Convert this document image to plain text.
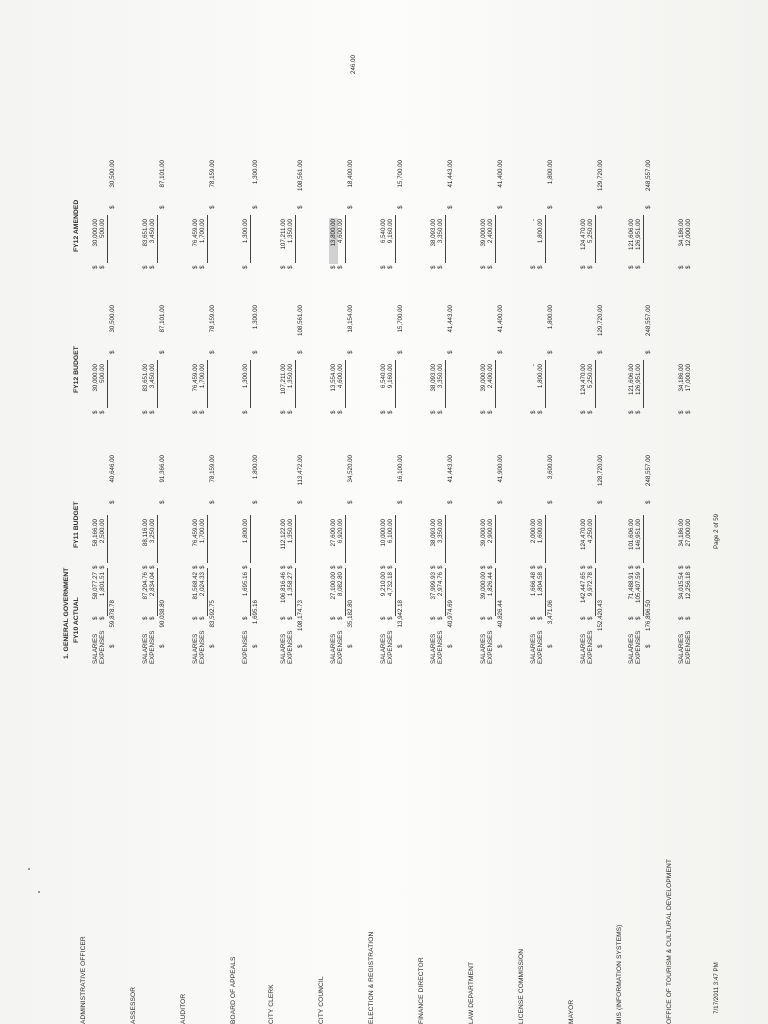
1. GENERAL GOVERNMENT FY10 ACTUAL
FY11 BUDGET
FY12 BUDGET
FY12 AMENDED
246.00
7/17/2011 3:47 PM
Page 2 of 59
ADMINISTRATIVE OFFICER
SALARIES
$
58,077.27
$
58,166.00
$
30,000.00
$
30,000.00
EXPENSES
$
1,801.51
$
2,500.00
$
500.00
$
500.00
$
59,878.78
$
40,646.00
$
30,500.00
$
30,500.00
ASSESSOR
SALARIES
$
87,204.76
$
88,116.00
$
83,651.00
$
83,651.00
EXPENSES
$
2,834.04
$
3,250.00
$
3,450.00
$
3,450.00
$
90,038.80
$
91,366.00
$
87,101.00
$
87,101.00
AUDITOR
SALARIES
$
81,568.42
$
76,459.00
$
76,459.00
$
76,459.00
EXPENSES
$
2,024.33
$
1,700.00
$
1,700.00
$
1,700.00
$
83,592.75
$
78,159.00
$
78,159.00
$
78,159.00
BOARD OF APPEALS
EXPENSES
$
1,695.16
$
1,800.00
$
1,300.00
$
1,300.00
$
1,695.16
$
1,800.00
$
1,300.00
$
1,300.00
CITY CLERK
SALARIES
$
106,816.46
$
112,122.00
$
107,211.00
$
107,211.00
EXPENSES
$
1,358.27
$
1,350.00
$
1,350.00
$
1,350.00
$
108,174.73
$
113,472.00
$
108,561.00
$
108,561.00
CITY COUNCIL
SALARIES
$
27,100.00
$
27,600.00
$
13,554.00
$
13,800.00
EXPENSES
$
8,082.80
$
6,920.00
$
4,600.00
$
4,600.00
$
35,182.80
$
34,520.00
$
18,154.00
$
18,400.00
ELECTION & REGISTRATION
SALARIES
$
9,210.00
$
10,000.00
$
6,540.00
$
6,540.00
EXPENSES
$
4,732.18
$
6,100.00
$
9,160.00
$
9,160.00
$
13,942.18
$
16,100.00
$
15,700.00
$
15,700.00
FINANCE DIRECTOR
SALARIES
$
37,999.93
$
38,093.00
$
38,093.00
$
38,093.00
EXPENSES
$
2,974.76
$
3,350.00
$
3,350.00
$
3,350.00
$
40,974.69
$
41,443.00
$
41,443.00
$
41,443.00
LAW DEPARTMENT
SALARIES
$
39,000.00
$
39,000.00
$
39,000.00
$
39,000.00
EXPENSES
$
1,826.44
$
2,900.00
$
2,400.00
$
2,400.00
$
40,826.44
$
41,900.00
$
41,400.00
$
41,400.00
LICENSE COMMISSION
SALARIES
$
1,666.48
$
2,000.00
$
-
$
-
EXPENSES
$
1,804.58
$
1,600.00
$
1,800.00
$
1,800.00
$
3,471.06
$
3,600.00
$
1,800.00
$
1,800.00
MAYOR
SALARIES
$
142,447.65
$
124,470.00
$
124,470.00
$
124,470.00
EXPENSES
$
9,972.78
$
4,250.00
$
5,250.00
$
5,250.00
$
152,420.43
$
128,720.00
$
129,720.00
$
129,720.00
MIS (INFORMATION SYSTEMS)
SALARIES
$
71,488.91
$
101,606.00
$
121,606.00
$
121,606.00
EXPENSES
$
105,407.59
$
146,951.00
$
126,951.00
$
126,951.00
$
176,896.50
$
248,557.00
$
248,557.00
$
248,557.00
OFFICE OF TOURISM & CULTURAL DEVELOPMENT
SALARIES
$
34,015.54
$
34,186.00
$
34,186.00
$
34,186.00
EXPENSES
$
12,256.18
$
27,000.00
$
17,000.00
$
12,000.00
